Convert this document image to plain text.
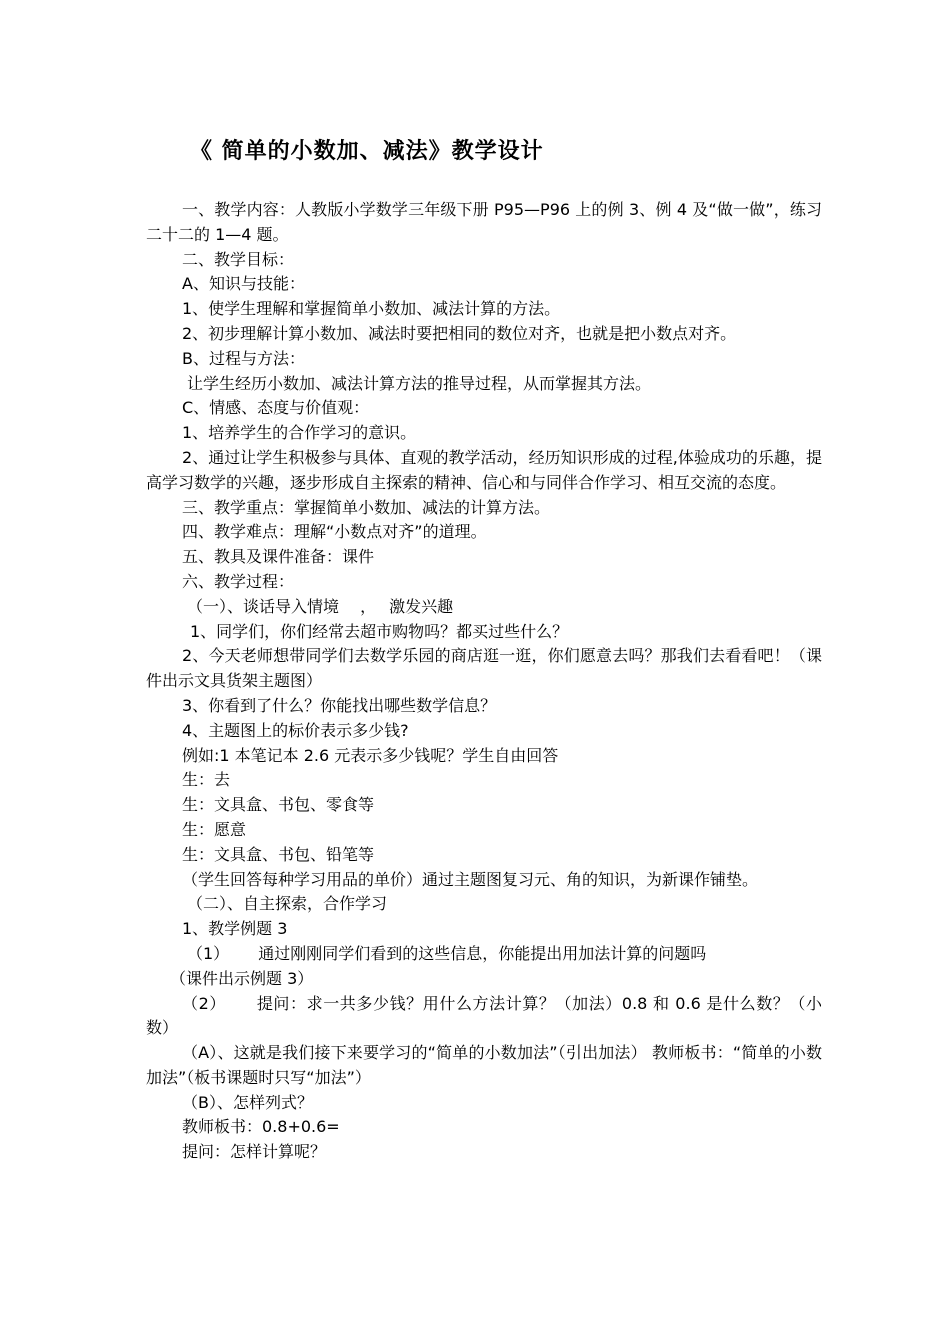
《 简单的小数加、减法》教学设计

一、教学内容：人教版小学数学三年级下册 P95—P96 上的例 3、例 4 及“做一做”，练习二十二的 1—4 题。

二、教学目标：

A、知识与技能：

1、使学生理解和掌握简单小数加、减法计算的方法。

2、初步理解计算小数加、减法时要把相同的数位对齐，也就是把小数点对齐。

B、过程与方法：

让学生经历小数加、减法计算方法的推导过程，从而掌握其方法。

C、情感、态度与价值观：

1、培养学生的合作学习的意识。

2、通过让学生积极参与具体、直观的教学活动，经历知识形成的过程,体验成功的乐趣，提高学习数学的兴趣，逐步形成自主探索的精神、信心和与同伴合作学习、相互交流的态度。

三、教学重点：掌握简单小数加、减法的计算方法。

四、教学难点：理解“小数点对齐”的道理。

五、教具及课件准备：课件

六、教学过程：

（一）、谈话导入情境　 ，　 激发兴趣

1、同学们，你们经常去超市购物吗？都买过些什么？

2、今天老师想带同学们去数学乐园的商店逛一逛，你们愿意去吗？那我们去看看吧！（课件出示文具货架主题图）

3、你看到了什么？你能找出哪些数学信息？

4、主题图上的标价表示多少钱?

例如:1 本笔记本 2.6 元表示多少钱呢？学生自由回答

生：去

生：文具盒、书包、零食等

生：愿意

生：文具盒、书包、铅笔等

（学生回答每种学习用品的单价）通过主题图复习元、角的知识，为新课作铺垫。

（二）、自主探索，合作学习

1、教学例题 3

（1）　　 通过刚刚同学们看到的这些信息，你能提出用加法计算的问题吗

（课件出示例题 3）

（2）　　 提问：求一共多少钱？用什么方法计算？（加法）0.8 和 0.6 是什么数？（小数）

（A）、这就是我们接下来要学习的“简单的小数加法”（引出加法） 教师板书：“简单的小数加法”（板书课题时只写“加法”）

（B）、怎样列式？

教师板书：0.8+0.6=

提问：怎样计算呢？
